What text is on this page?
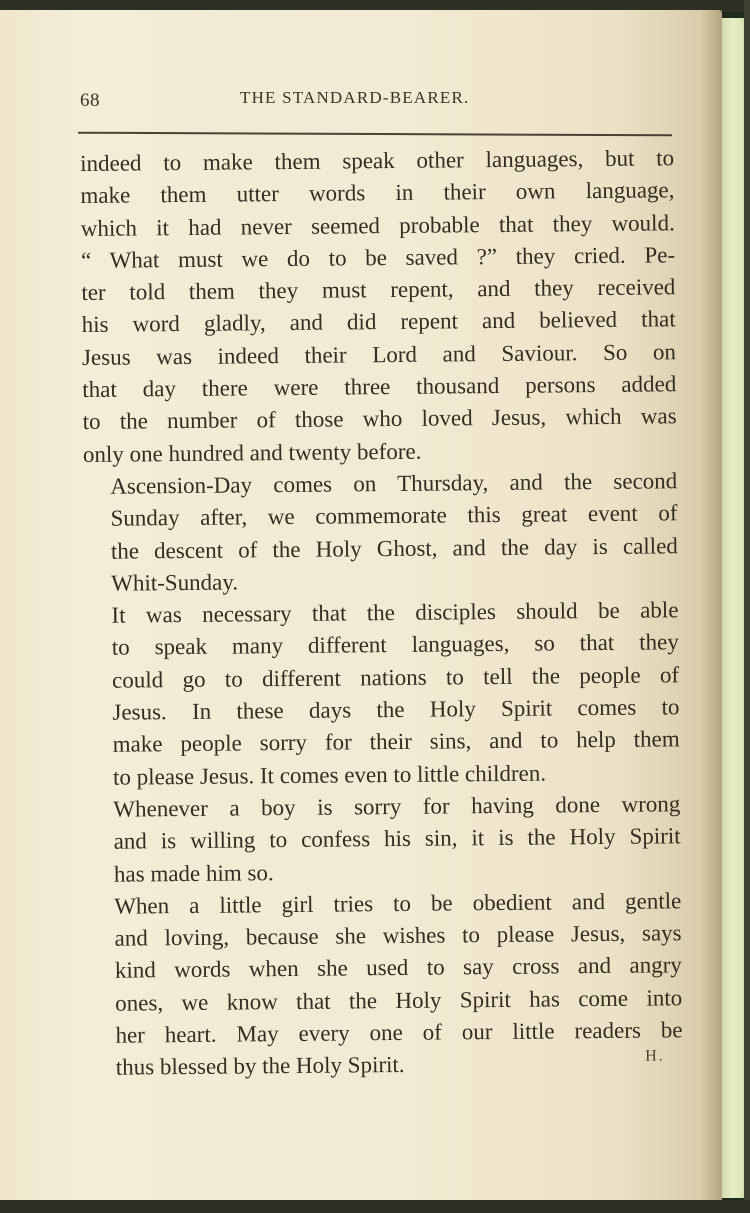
68	THE STANDARD-BEARER.
indeed to make them speak other languages, but to
make them utter words in their own language,
which it had never seemed probable that they would.
“ What must we do to be saved ?” they cried. Pe-
ter told them they must repent, and they received
his word gladly, and did repent and believed that
Jesus was indeed their Lord and Saviour. So on
that day there were three thousand persons added
to the number of those who loved Jesus, which was
only one hundred and twenty before.
Ascension-Day comes on Thursday, and the second
Sunday after, we commemorate this great event of
the descent of the Holy Ghost, and the day is called
Whit-Sunday.
It was necessary that the disciples should be able
to speak many different languages, so that they
could go to different nations to tell the people of
Jesus. In these days the Holy Spirit comes to
make people sorry for their sins, and to help them
to please Jesus. It comes even to little children.
Whenever a boy is sorry for having done wrong
and is willing to confess his sin, it is the Holy Spirit
has made him so.
When a little girl tries to be obedient and gentle
and loving, because she wishes to please Jesus, says
kind words when she used to say cross and angry
ones, we know that the Holy Spirit has come into
her heart. May every one of our little readers be
thus blessed by the Holy Spirit.	H.
